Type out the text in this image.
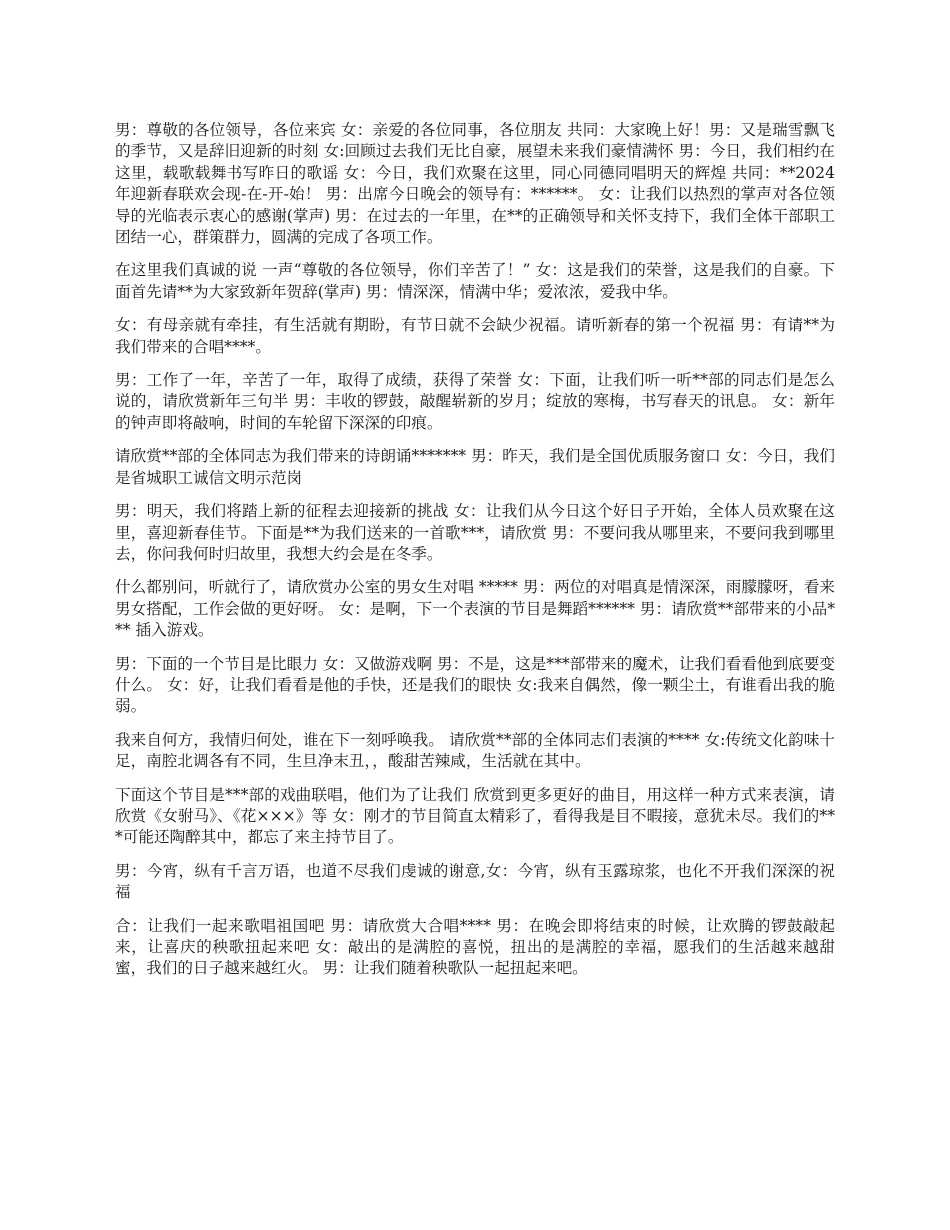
男：尊敬的各位领导，各位来宾 女：亲爱的各位同事，各位朋友 共同：大家晚上好！男：又是瑞雪飘飞的季节，又是辞旧迎新的时刻 女:回顾过去我们无比自豪，展望未来我们豪情满怀 男：今日，我们相约在这里，载歌载舞书写昨日的歌谣 女：今日，我们欢聚在这里，同心同德同唱明天的辉煌 共同：**2024年迎新春联欢会现-在-开-始！ 男：出席今日晚会的领导有：******。 女：让我们以热烈的掌声对各位领导的光临表示衷心的感谢(掌声) 男：在过去的一年里，在**的正确领导和关怀支持下，我们全体干部职工团结一心，群策群力，圆满的完成了各项工作。

在这里我们真诚的说 一声“尊敬的各位领导，你们辛苦了！” 女：这是我们的荣誉，这是我们的自豪。下面首先请**为大家致新年贺辞(掌声) 男：情深深，情满中华；爱浓浓，爱我中华。

女：有母亲就有牵挂，有生活就有期盼，有节日就不会缺少祝福。请听新春的第一个祝福 男：有请**为我们带来的合唱****。

男：工作了一年，辛苦了一年，取得了成绩，获得了荣誉 女：下面，让我们听一听**部的同志们是怎么说的，请欣赏新年三句半 男：丰收的锣鼓，敲醒崭新的岁月；绽放的寒梅，书写春天的讯息。 女：新年的钟声即将敲响，时间的车轮留下深深的印痕。

请欣赏**部的全体同志为我们带来的诗朗诵******* 男：昨天，我们是全国优质服务窗口 女：今日，我们是省城职工诚信文明示范岗

男：明天，我们将踏上新的征程去迎接新的挑战 女：让我们从今日这个好日子开始，全体人员欢聚在这里，喜迎新春佳节。下面是**为我们送来的一首歌***，请欣赏 男：不要问我从哪里来，不要问我到哪里去，你问我何时归故里，我想大约会是在冬季。

什么都别问，听就行了，请欣赏办公室的男女生对唱 ***** 男：两位的对唱真是情深深，雨朦朦呀，看来男女搭配，工作会做的更好呀。 女：是啊，下一个表演的节目是舞蹈****** 男：请欣赏**部带来的小品*** 插入游戏。

男：下面的一个节目是比眼力 女：又做游戏啊 男：不是，这是***部带来的魔术，让我们看看他到底要变什么。 女：好，让我们看看是他的手快，还是我们的眼快 女:我来自偶然，像一颗尘土，有谁看出我的脆弱。

我来自何方，我情归何处，谁在下一刻呼唤我。 请欣赏**部的全体同志们表演的**** 女:传统文化韵味十足，南腔北调各有不同，生旦净末丑，，酸甜苦辣咸，生活就在其中。

下面这个节目是***部的戏曲联唱，他们为了让我们 欣赏到更多更好的曲目，用这样一种方式来表演，请欣赏《女驸马》、《花×××》等 女：刚才的节目简直太精彩了，看得我是目不暇接，意犹未尽。我们的***可能还陶醉其中，都忘了来主持节目了。

男：今宵，纵有千言万语，也道不尽我们虔诚的谢意,女：今宵，纵有玉露琼浆，也化不开我们深深的祝福

合：让我们一起来歌唱祖国吧 男：请欣赏大合唱**** 男：在晚会即将结束的时候，让欢腾的锣鼓敲起来，让喜庆的秧歌扭起来吧 女：敲出的是满腔的喜悦，扭出的是满腔的幸福，愿我们的生活越来越甜蜜，我们的日子越来越红火。 男：让我们随着秧歌队一起扭起来吧。
